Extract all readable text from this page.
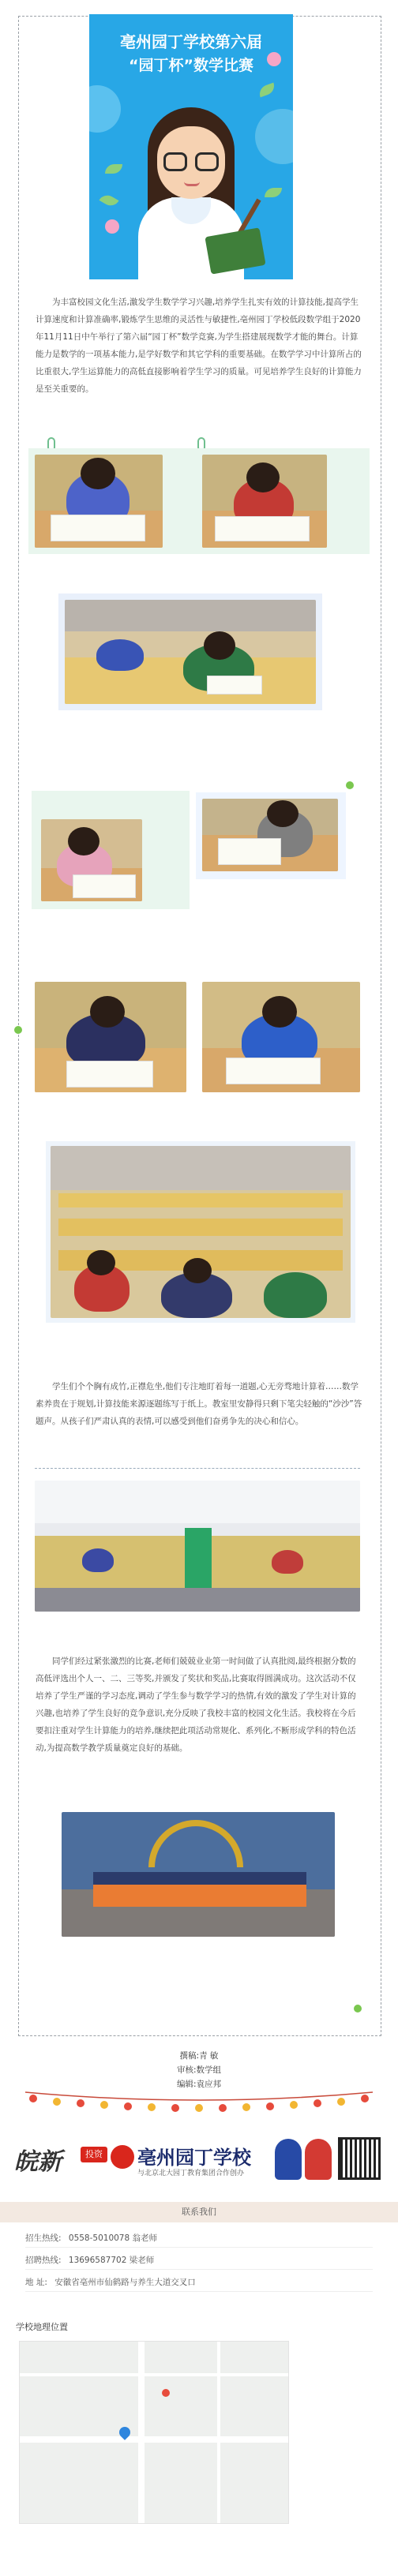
亳州园丁学校第六届
“园丁杯”数学比赛
为丰富校园文化生活,激发学生数学学习兴趣,培养学生扎实有效的计算技能,提高学生计算速度和计算准确率,锻炼学生思维的灵活性与敏捷性,亳州园丁学校低段数学组于2020年11月11日中午举行了第六届“园丁杯”数学竞赛,为学生搭建展现数学才能的舞台。计算能力是数学的一项基本能力,是学好数学和其它学科的重要基础。在数学学习中计算所占的比重很大,学生运算能力的高低直接影响着学生学习的质量。可见培养学生良好的计算能力是至关重要的。
学生们个个胸有成竹,正襟危坐,他们专注地盯着每一道题,心无旁骛地计算着……数学素养贵在于规划,计算技能来源逐题练写于纸上。教室里安静得只剩下笔尖轻触的“沙沙”答题声。从孩子们严肃认真的表情,可以感受到他们奋勇争先的决心和信心。
同学们经过紧张激烈的比赛,老师们兢兢业业第一时间做了认真批阅,最终根据分数的高低评选出个人一、二、三等奖,并颁发了奖状和奖品,比赛取得圆满成功。这次活动不仅培养了学生严谨的学习态度,调动了学生参与数学学习的热情,有效的激发了学生对计算的兴趣,也培养了学生良好的竞争意识,充分反映了我校丰富的校园文化生活。我校将在今后要扣注重对学生计算能力的培养,继续把此项活动常规化、系列化,不断形成学科的特色活动,为提高数学教学质量奠定良好的基础。
撰稿:青 敏
审核:数学组
编辑:袁应邦
皖新	投资 亳州园丁学校
与北京北大园丁教育集团合作创办
联系我们
招生热线: 0558-5010078 翁老师
招聘热线: 13696587702 梁老师
地 址: 安徽省亳州市仙鹤路与养生大道交叉口
学校地理位置
